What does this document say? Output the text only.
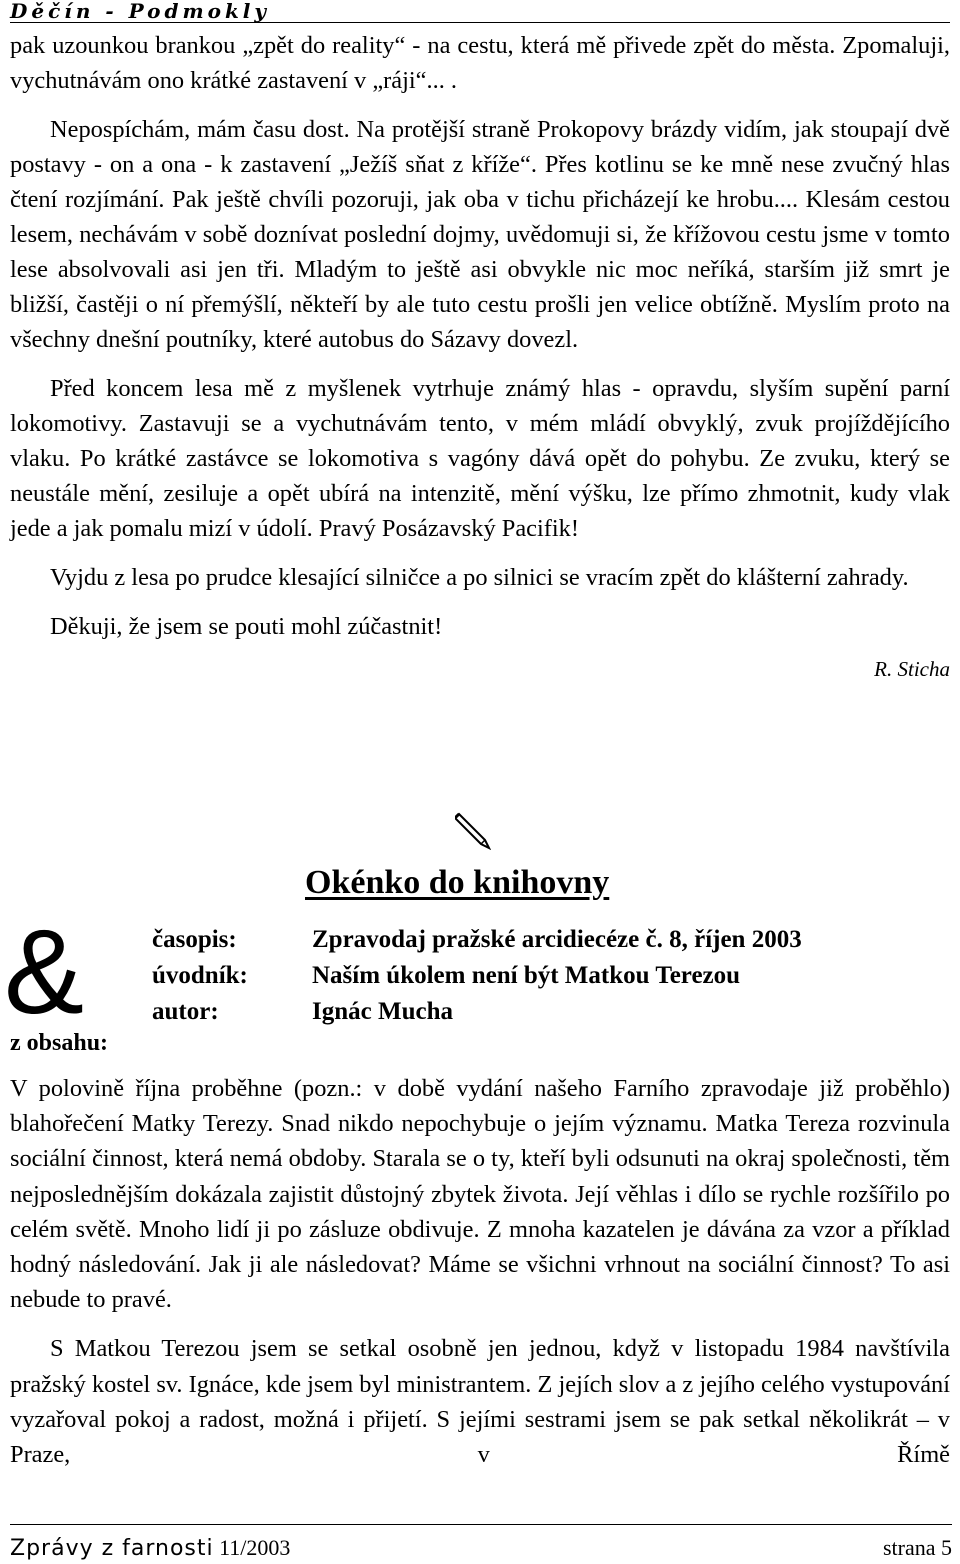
Děčín - Podmokly

pak uzounkou brankou „zpět do reality“ - na cestu, která mě přivede zpět do města. Zpomaluji, vychutnávám ono krátké zastavení v „ráji“... .

Nepospíchám, mám času dost. Na protější straně Prokopovy brázdy vidím, jak stoupají dvě postavy - on a ona - k zastavení „Ježíš sňat z kříže“. Přes kotlinu se ke mně nese zvučný hlas čtení rozjímání. Pak ještě chvíli pozoruji, jak oba v tichu přicházejí ke hrobu.... Klesám cestou lesem, nechávám v sobě doznívat poslední dojmy, uvědomuji si, že křížovou cestu jsme v tomto lese absolvovali asi jen tři. Mladým to ještě asi obvykle nic moc neříká, starším již smrt je bližší, častěji o ní přemýšlí, někteří by ale tuto cestu prošli jen velice obtížně. Myslím proto na všechny dnešní poutníky, které autobus do Sázavy dovezl.

Před koncem lesa mě z myšlenek vytrhuje známý hlas - opravdu, slyším supění parní lokomotivy. Zastavuji se a vychutnávám tento, v mém mládí obvyklý, zvuk projíždějícího vlaku. Po krátké zastávce se lokomotiva s vagóny dává opět do pohybu. Ze zvuku, který se neustále mění, zesiluje a opět ubírá na intenzitě, mění výšku, lze přímo zhmotnit, kudy vlak jede a jak pomalu mizí v údolí. Pravý Posázavský Pacifik!

Vyjdu z lesa po prudce klesající silničce a po silnici se vracím zpět do klášterní zahrady.

Děkuji, že jsem se pouti mohl zúčastnit!

R. Sticha
Okénko do knihovny
&
z obsahu:
časopis:	Zpravodaj pražské arcidiecéze č. 8, říjen 2003
úvodník:	Naším úkolem není být Matkou Terezou
autor:	Ignác Mucha

V polovině října proběhne (pozn.: v době vydání našeho Farního zpravodaje již proběhlo) blahořečení Matky Terezy. Snad nikdo nepochybuje o jejím významu. Matka Tereza rozvinula sociální činnost, která nemá obdoby. Starala se o ty, kteří byli odsunuti na okraj společnosti, těm nejposlednějším dokázala zajistit důstojný zbytek života. Její věhlas i dílo se rychle rozšířilo po celém světě. Mnoho lidí ji po zásluze obdivuje. Z mnoha kazatelen je dávána za vzor a příklad hodný následování. Jak ji ale následovat? Máme se všichni vrhnout na sociální činnost? To asi nebude to pravé.

S Matkou Terezou jsem se setkal osobně jen jednou, když v listopadu 1984 navštívila pražský kostel sv. Ignáce, kde jsem byl ministrantem. Z jejích slov a z jejího celého vystupování vyzařoval pokoj a radost, možná i přijetí. S jejími sestrami jsem se pak setkal několikrát – v Praze, v Římě

Zprávy z farnosti 11/2003	strana 5
